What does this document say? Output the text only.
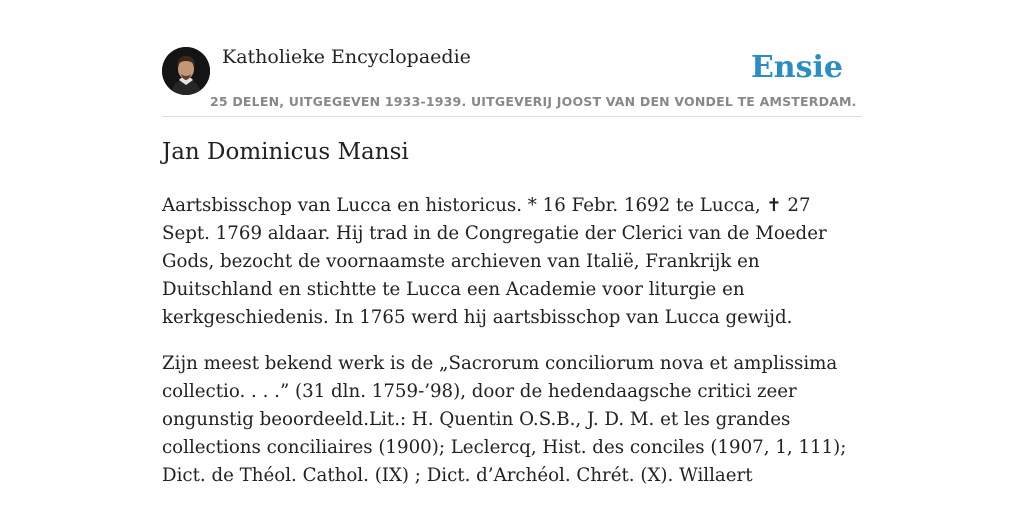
Katholieke Encyclopaedie	Ensie
25 DELEN, UITGEGEVEN 1933-1939. UITGEVERIJ JOOST VAN DEN VONDEL TE AMSTERDAM.
Jan Dominicus Mansi

Aartsbisschop van Lucca en historicus. * 16 Febr. 1692 te Lucca, ✝ 27 Sept. 1769 aldaar. Hij trad in de Congregatie der Clerici van de Moeder Gods, bezocht de voornaamste archieven van Italië, Frankrijk en Duitschland en stichtte te Lucca een Academie voor liturgie en kerkgeschiedenis. In 1765 werd hij aartsbisschop van Lucca gewijd.

Zijn meest bekend werk is de „Sacrorum conciliorum nova et amplissima collectio. . . .” (31 dln. 1759-’98), door de hedendaagsche critici zeer ongunstig beoordeeld.Lit.: H. Quentin O.S.B., J. D. M. et les grandes collections conciliaires (1900); Leclercq, Hist. des conciles (1907, 1, 111); Dict. de Théol. Cathol. (IX) ; Dict. d’Archéol. Chrét. (X). Willaert
